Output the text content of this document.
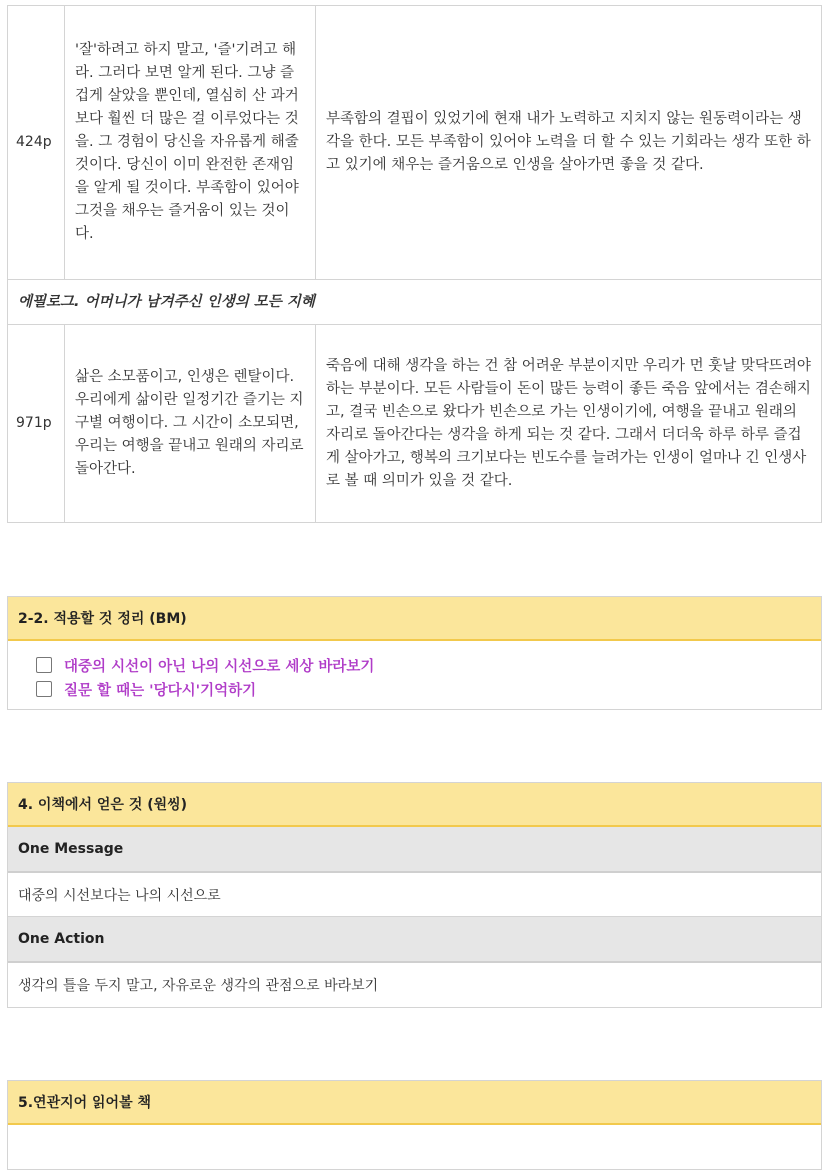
424p	'잘'하려고 하지 말고, '즐'기려고 해라. 그러다 보면 알게 된다. 그냥 즐겁게 살았을 뿐인데, 열심히 산 과거보다 훨씬 더 많은 걸 이루었다는 것을. 그 경험이 당신을 자유롭게 해줄 것이다. 당신이 이미 완전한 존재임을 알게 될 것이다. 부족함이 있어야 그것을 채우는 즐거움이 있는 것이다.	부족함의 결핍이 있었기에 현재 내가 노력하고 지치지 않는 원동력이라는 생각을 한다. 모든 부족함이 있어야 노력을 더 할 수 있는 기회라는 생각 또한 하고 있기에 채우는 즐거움으로 인생을 살아가면 좋을 것 같다.
에필로그. 어머니가 남겨주신 인생의 모든 지혜		
971p	삶은 소모품이고, 인생은 렌탈이다. 우리에게 삶이란 일정기간 즐기는 지구별 여행이다. 그 시간이 소모되면, 우리는 여행을 끝내고 원래의 자리로 돌아간다.	죽음에 대해 생각을 하는 건 참 어려운 부분이지만 우리가 먼 훗날 맞닥뜨려야 하는 부분이다. 모든 사람들이 돈이 많든 능력이 좋든 죽음 앞에서는 겸손해지고, 결국 빈손으로 왔다가 빈손으로 가는 인생이기에, 여행을 끝내고 원래의 자리로 돌아간다는 생각을 하게 되는 것 같다. 그래서 더더욱 하루 하루 즐겁게 살아가고, 행복의 크기보다는 빈도수를 늘려가는 인생이 얼마나 긴 인생사로 볼 때 의미가 있을 것 같다.
2-2. 적용할 것 정리 (BM)
대중의 시선이 아닌 나의 시선으로 세상 바라보기
질문 할 때는 '당다시'기억하기
4. 이책에서 얻은 것 (원씽)
One Message
대중의 시선보다는 나의 시선으로
One Action
생각의 틀을 두지 말고, 자유로운 생각의 관점으로 바라보기
5.연관지어 읽어볼 책
